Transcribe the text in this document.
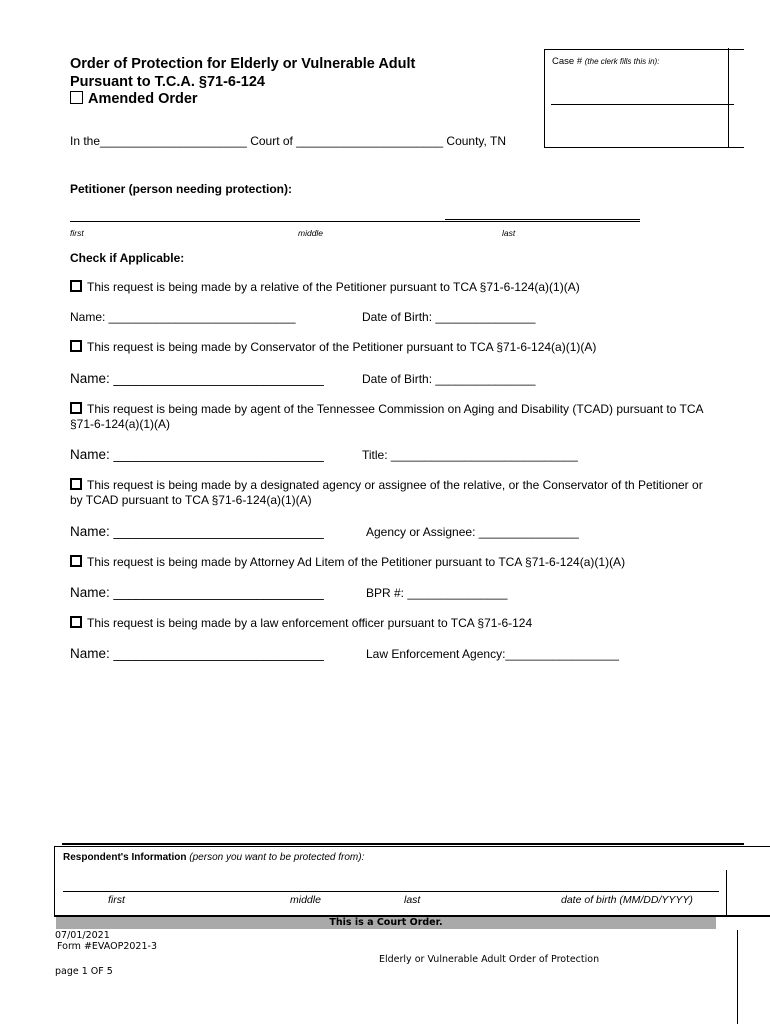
Order of Protection for Elderly or Vulnerable Adult
Pursuant to T.C.A. §71-6-124
Amended Order
Case # (the clerk fills this in):
In the______________________ Court of ______________________ County, TN
Petitioner (person needing protection):
first	middle	last
Check if Applicable:
This request is being made by a relative of the Petitioner pursuant to TCA §71-6-124(a)(1)(A)
Name: ____________________________	Date of Birth: _______________
This request is being made by Conservator of the Petitioner pursuant to TCA §71-6-124(a)(1)(A)
Name: ____________________________	Date of Birth: _______________
This request is being made by agent of the Tennessee Commission on Aging and Disability (TCAD) pursuant to TCA
§71-6-124(a)(1)(A)
Name: ____________________________	Title: ____________________________
This request is being made by a designated agency or assignee of the relative, or the Conservator of th Petitioner or
by TCAD pursuant to TCA §71-6-124(a)(1)(A)
Name: ____________________________	Agency or Assignee: _______________
This request is being made by Attorney Ad Litem of the Petitioner pursuant to TCA §71-6-124(a)(1)(A)
Name: ____________________________	BPR #: _______________
This request is being made by a law enforcement officer pursuant to TCA §71-6-124
Name: ____________________________	Law Enforcement Agency:_________________
Respondent's Information (person you want to be protected from):
first	middle	last	date of birth (MM/DD/YYYY)
This is a Court Order.
07/01/2021
Form #EVAOP2021-3
Elderly or Vulnerable Adult Order of Protection
page 1 OF 5
